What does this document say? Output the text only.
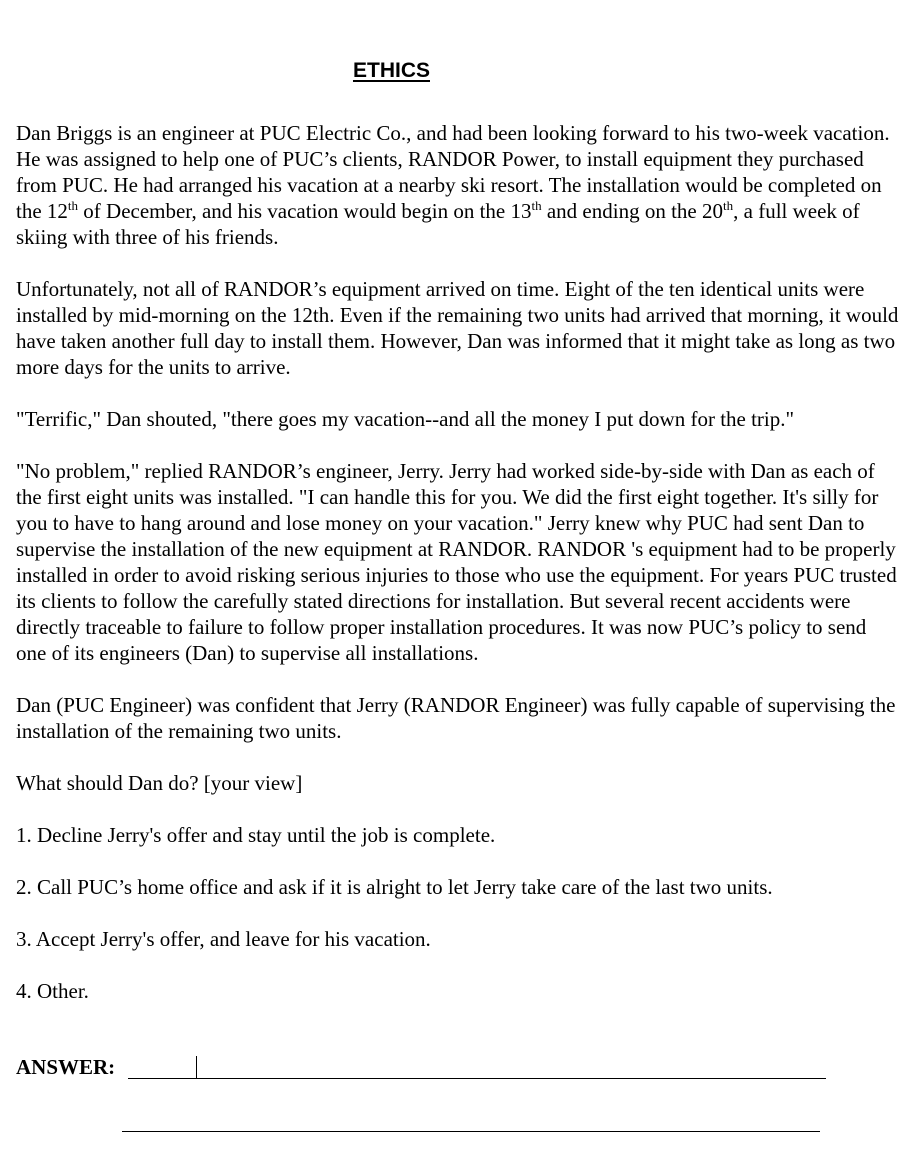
ETHICS

Dan Briggs is an engineer at PUC Electric Co., and had been looking forward to his two-week vacation. He was assigned to help one of PUC’s clients, RANDOR Power, to install equipment they purchased from PUC. He had arranged his vacation at a nearby ski resort. The installation would be completed on the 12th of December, and his vacation would begin on the 13th and ending on the 20th, a full week of skiing with three of his friends.

Unfortunately, not all of RANDOR’s equipment arrived on time. Eight of the ten identical units were installed by mid-morning on the 12th. Even if the remaining two units had arrived that morning, it would have taken another full day to install them. However, Dan was informed that it might take as long as two more days for the units to arrive.

"Terrific," Dan shouted, "there goes my vacation--and all the money I put down for the trip."

"No problem," replied RANDOR’s engineer, Jerry. Jerry had worked side-by-side with Dan as each of the first eight units was installed. "I can handle this for you. We did the first eight together. It's silly for you to have to hang around and lose money on your vacation." Jerry knew why PUC had sent Dan to supervise the installation of the new equipment at RANDOR. RANDOR 's equipment had to be properly installed in order to avoid risking serious injuries to those who use the equipment. For years PUC trusted its clients to follow the carefully stated directions for installation. But several recent accidents were directly traceable to failure to follow proper installation procedures. It was now PUC’s policy to send one of its engineers (Dan) to supervise all installations.

Dan (PUC Engineer) was confident that Jerry (RANDOR Engineer) was fully capable of supervising the installation of the remaining two units.

What should Dan do? [your view]

1. Decline Jerry's offer and stay until the job is complete.

2. Call PUC’s home office and ask if it is alright to let Jerry take care of the last two units.

3. Accept Jerry's offer, and leave for his vacation.

4. Other.

ANSWER:
